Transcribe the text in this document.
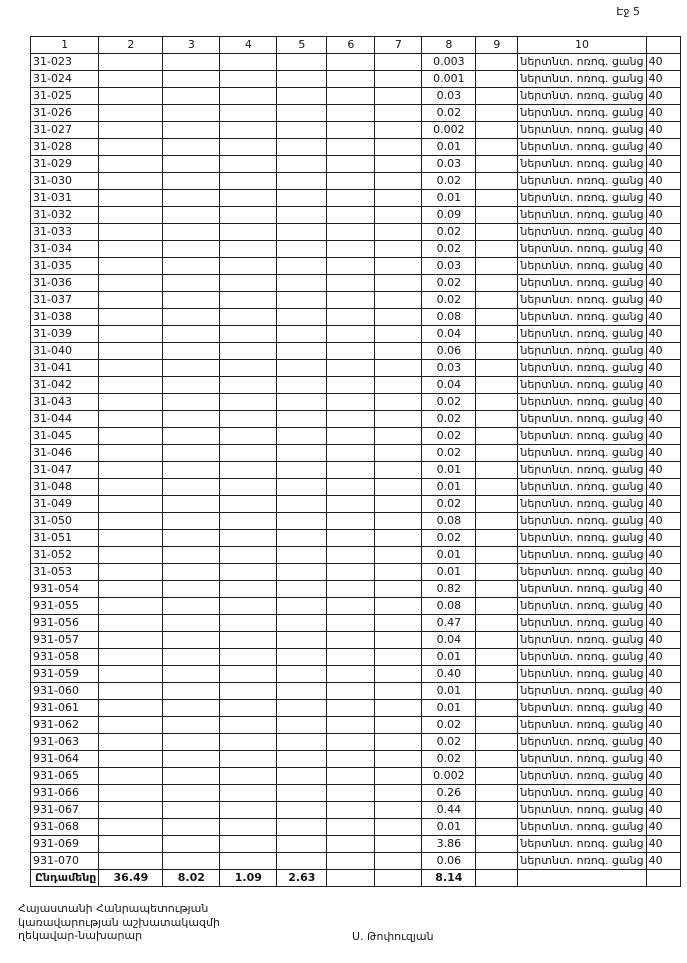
Էջ 5
1	2	3	4	5	6	7	8	9	10	
31-023							0.003		ներտնտ. ոռոգ. ցանց	40
31-024							0.001		ներտնտ. ոռոգ. ցանց	40
31-025							0.03		ներտնտ. ոռոգ. ցանց	40
31-026							0.02		ներտնտ. ոռոգ. ցանց	40
31-027							0.002		ներտնտ. ոռոգ. ցանց	40
31-028							0.01		ներտնտ. ոռոգ. ցանց	40
31-029							0.03		ներտնտ. ոռոգ. ցանց	40
31-030							0.02		ներտնտ. ոռոգ. ցանց	40
31-031							0.01		ներտնտ. ոռոգ. ցանց	40
31-032							0.09		ներտնտ. ոռոգ. ցանց	40
31-033							0.02		ներտնտ. ոռոգ. ցանց	40
31-034							0.02		ներտնտ. ոռոգ. ցանց	40
31-035							0.03		ներտնտ. ոռոգ. ցանց	40
31-036							0.02		ներտնտ. ոռոգ. ցանց	40
31-037							0.02		ներտնտ. ոռոգ. ցանց	40
31-038							0.08		ներտնտ. ոռոգ. ցանց	40
31-039							0.04		ներտնտ. ոռոգ. ցանց	40
31-040							0.06		ներտնտ. ոռոգ. ցանց	40
31-041							0.03		ներտնտ. ոռոգ. ցանց	40
31-042							0.04		ներտնտ. ոռոգ. ցանց	40
31-043							0.02		ներտնտ. ոռոգ. ցանց	40
31-044							0.02		ներտնտ. ոռոգ. ցանց	40
31-045							0.02		ներտնտ. ոռոգ. ցանց	40
31-046							0.02		ներտնտ. ոռոգ. ցանց	40
31-047							0.01		ներտնտ. ոռոգ. ցանց	40
31-048							0.01		ներտնտ. ոռոգ. ցանց	40
31-049							0.02		ներտնտ. ոռոգ. ցանց	40
31-050							0.08		ներտնտ. ոռոգ. ցանց	40
31-051							0.02		ներտնտ. ոռոգ. ցանց	40
31-052							0.01		ներտնտ. ոռոգ. ցանց	40
31-053							0.01		ներտնտ. ոռոգ. ցանց	40
931-054							0.82		ներտնտ. ոռոգ. ցանց	40
931-055							0.08		ներտնտ. ոռոգ. ցանց	40
931-056							0.47		ներտնտ. ոռոգ. ցանց	40
931-057							0.04		ներտնտ. ոռոգ. ցանց	40
931-058							0.01		ներտնտ. ոռոգ. ցանց	40
931-059							0.40		ներտնտ. ոռոգ. ցանց	40
931-060							0.01		ներտնտ. ոռոգ. ցանց	40
931-061							0.01		ներտնտ. ոռոգ. ցանց	40
931-062							0.02		ներտնտ. ոռոգ. ցանց	40
931-063							0.02		ներտնտ. ոռոգ. ցանց	40
931-064							0.02		ներտնտ. ոռոգ. ցանց	40
931-065							0.002		ներտնտ. ոռոգ. ցանց	40
931-066							0.26		ներտնտ. ոռոգ. ցանց	40
931-067							0.44		ներտնտ. ոռոգ. ցանց	40
931-068							0.01		ներտնտ. ոռոգ. ցանց	40
931-069							3.86		ներտնտ. ոռոգ. ցանց	40
931-070							0.06		ներտնտ. ոռոգ. ցանց	40
Ընդամենը	36.49	8.02	1.09	2.63			8.14			
Հայաստանի Հանրապետության
կառավարության աշխատակազմի
ղեկավար-նախարար	Ս. Թոփուզյան
